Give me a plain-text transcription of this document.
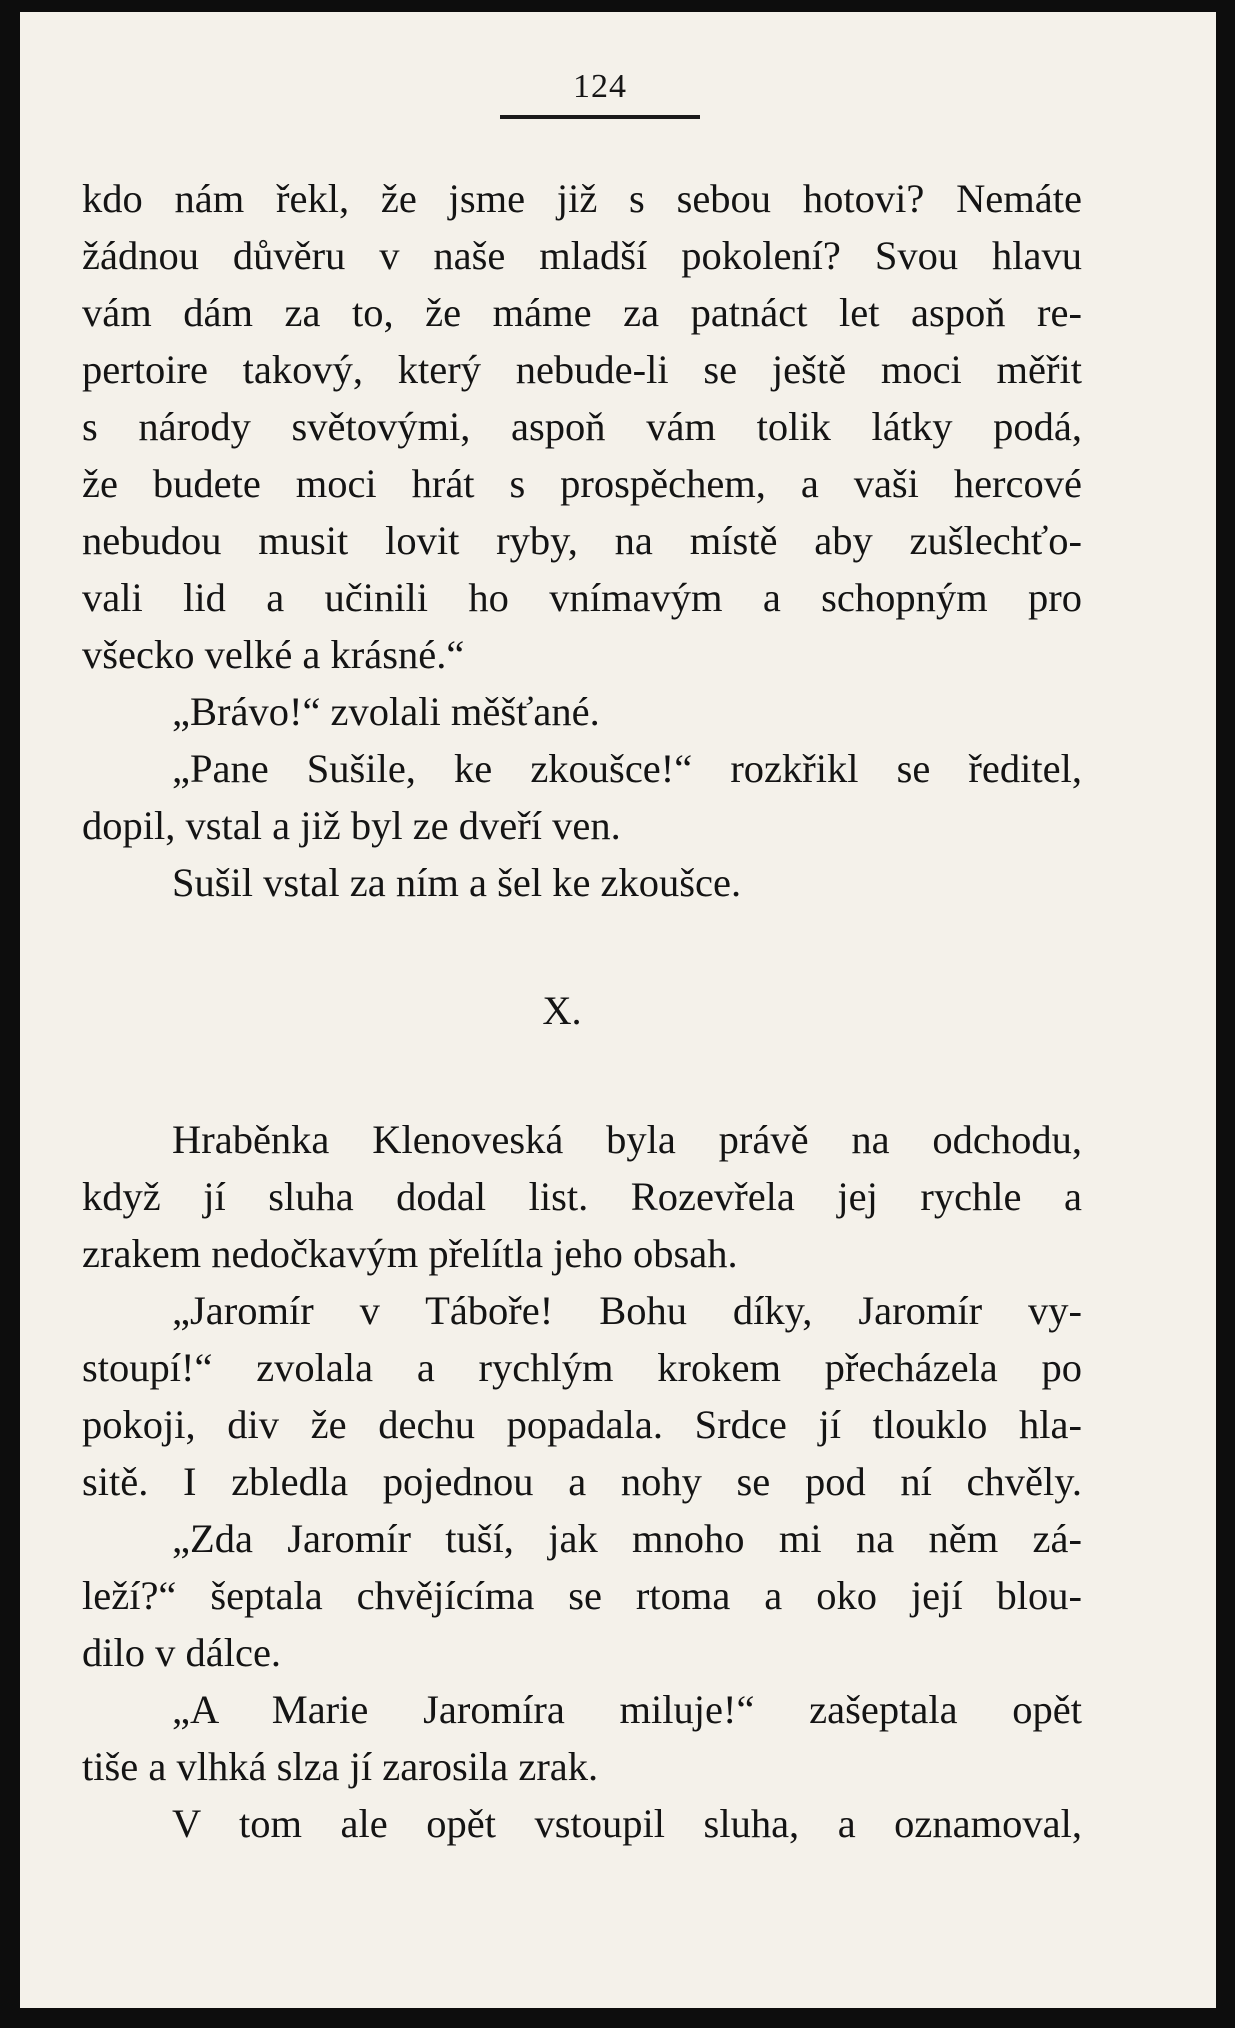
124
kdo nám řekl, že jsme již s sebou hotovi? Nemáte
žádnou důvěru v naše mladší pokolení? Svou hlavu
vám dám za to, že máme za patnáct let aspoň re-
pertoire takový, který nebude-li se ještě moci měřit
s národy světovými, aspoň vám tolik látky podá,
že budete moci hrát s prospěchem, a vaši hercové
nebudou musit lovit ryby, na místě aby zušlechťo-
vali lid a učinili ho vnímavým a schopným pro
všecko velké a krásné.“
„Brávo!“ zvolali měšťané.
„Pane Sušile, ke zkoušce!“ rozkřikl se ředitel,
dopil, vstal a již byl ze dveří ven.
Sušil vstal za ním a šel ke zkoušce.
X.
Hraběnka Klenoveská byla právě na odchodu,
když jí sluha dodal list. Rozevřela jej rychle a
zrakem nedočkavým přelítla jeho obsah.
„Jaromír v Táboře! Bohu díky, Jaromír vy-
stoupí!“ zvolala a rychlým krokem přecházela po
pokoji, div že dechu popadala. Srdce jí tlouklo hla-
sitě. I zbledla pojednou a nohy se pod ní chvěly.
„Zda Jaromír tuší, jak mnoho mi na něm zá-
leží?“ šeptala chvějícíma se rtoma a oko její blou-
dilo v dálce.
„A Marie Jaromíra miluje!“ zašeptala opět
tiše a vlhká slza jí zarosila zrak.
V tom ale opět vstoupil sluha, a oznamoval,
